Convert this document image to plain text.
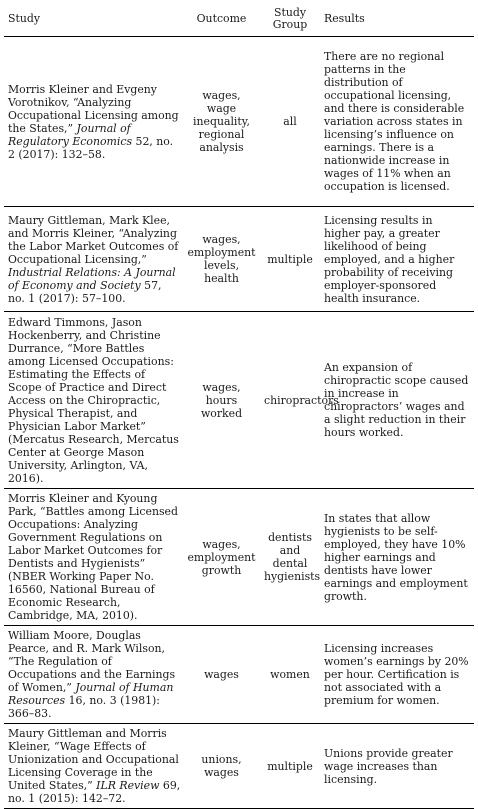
Study	Outcome	Study Group	Results
Morris Kleiner and Evgeny Vorotnikov, “Analyzing Occupational Licensing among the States,” Journal of Regulatory Economics 52, no. 2 (2017): 132–58.	wages, wage inequality, regional analysis	all	There are no regional patterns in the distribution of occupational licensing, and there is considerable variation across states in licensing’s influence on earnings. There is a nationwide increase in wages of 11% when an occupation is licensed.
Maury Gittleman, Mark Klee, and Morris Kleiner, “Analyzing the Labor Market Outcomes of Occupational Licensing,” Industrial Relations: A Journal of Economy and Society 57, no. 1 (2017): 57–100.	wages, employment levels, health	multiple	Licensing results in higher pay, a greater likelihood of being employed, and a higher probability of receiving employer-sponsored health insurance.
Edward Timmons, Jason Hockenberry, and Christine Durrance, “More Battles among Licensed Occupations: Estimating the Effects of Scope of Practice and Direct Access on the Chiropractic, Physical Therapist, and Physician Labor Market” (Mercatus Research, Mercatus Center at George Mason University, Arlington, VA, 2016).	wages, hours worked	chiropractors	An expansion of chiropractic scope caused in increase in chiropractors’ wages and a slight reduction in their hours worked.
Morris Kleiner and Kyoung Park, “Battles among Licensed Occupations: Analyzing Government Regulations on Labor Market Outcomes for Dentists and Hygienists” (NBER Working Paper No. 16560, National Bureau of Economic Research, Cambridge, MA, 2010).	wages, employment growth	dentists and dental hygienists	In states that allow hygienists to be self-employed, they have 10% higher earnings and dentists have lower earnings and employment growth.
William Moore, Douglas Pearce, and R. Mark Wilson, “The Regulation of Occupations and the Earnings of Women,” Journal of Human Resources 16, no. 3 (1981): 366–83.	wages	women	Licensing increases women’s earnings by 20% per hour. Certification is not associated with a premium for women.
Maury Gittleman and Morris Kleiner, “Wage Effects of Unionization and Occupational Licensing Coverage in the United States,” ILR Review 69, no. 1 (2015): 142–72.	unions, wages	multiple	Unions provide greater wage increases than licensing.
